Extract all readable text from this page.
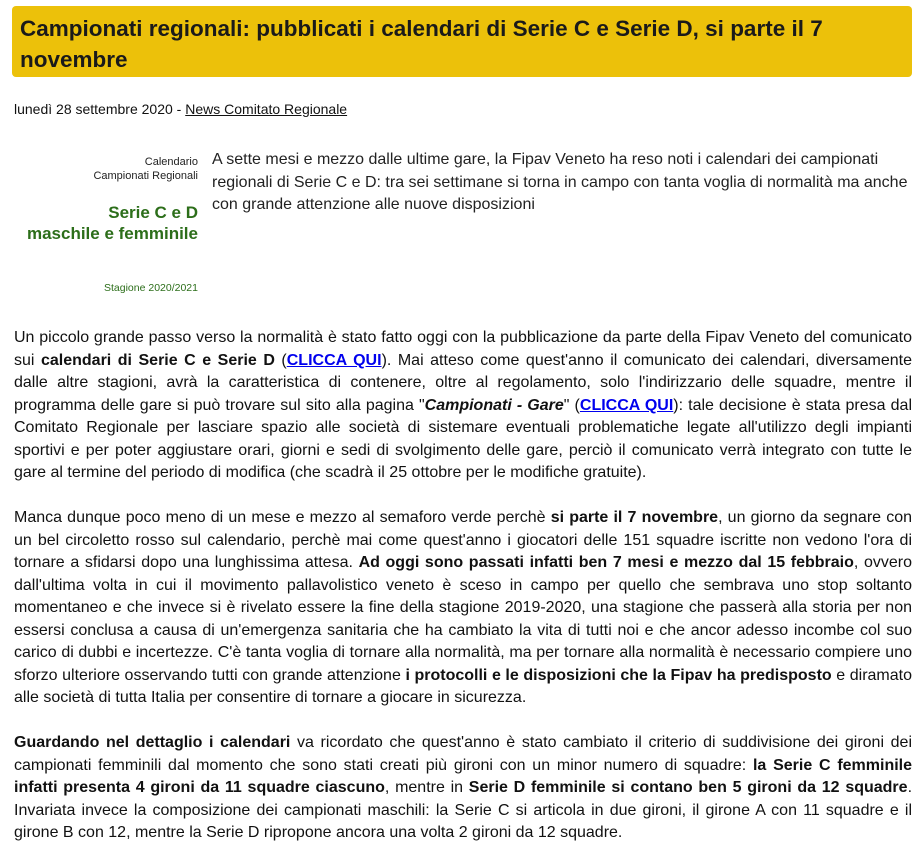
Campionati regionali: pubblicati i calendari di Serie C e Serie D, si parte il 7 novembre
lunedì 28 settembre 2020 - News Comitato Regionale
Calendario
Campionati Regionali
Serie C e D
maschile e femminile
Stagione 2020/2021
A sette mesi e mezzo dalle ultime gare, la Fipav Veneto ha reso noti i calendari dei campionati regionali di Serie C e D: tra sei settimane si torna in campo con tanta voglia di normalità ma anche con grande attenzione alle nuove disposizioni

Un piccolo grande passo verso la normalità è stato fatto oggi con la pubblicazione da parte della Fipav Veneto del comunicato sui calendari di Serie C e Serie D (CLICCA QUI). Mai atteso come quest'anno il comunicato dei calendari, diversamente dalle altre stagioni, avrà la caratteristica di contenere, oltre al regolamento, solo l'indirizzario delle squadre, mentre il programma delle gare si può trovare sul sito alla pagina "Campionati - Gare" (CLICCA QUI): tale decisione è stata presa dal Comitato Regionale per lasciare spazio alle società di sistemare eventuali problematiche legate all'utilizzo degli impianti sportivi e per poter aggiustare orari, giorni e sedi di svolgimento delle gare, perciò il comunicato verrà integrato con tutte le gare al termine del periodo di modifica (che scadrà il 25 ottobre per le modifiche gratuite).

Manca dunque poco meno di un mese e mezzo al semaforo verde perchè si parte il 7 novembre, un giorno da segnare con un bel circoletto rosso sul calendario, perchè mai come quest'anno i giocatori delle 151 squadre iscritte non vedono l'ora di tornare a sfidarsi dopo una lunghissima attesa. Ad oggi sono passati infatti ben 7 mesi e mezzo dal 15 febbraio, ovvero dall'ultima volta in cui il movimento pallavolistico veneto è sceso in campo per quello che sembrava uno stop soltanto momentaneo e che invece si è rivelato essere la fine della stagione 2019-2020, una stagione che passerà alla storia per non essersi conclusa a causa di un'emergenza sanitaria che ha cambiato la vita di tutti noi e che ancor adesso incombe col suo carico di dubbi e incertezze. C'è tanta voglia di tornare alla normalità, ma per tornare alla normalità è necessario compiere uno sforzo ulteriore osservando tutti con grande attenzione i protocolli e le disposizioni che la Fipav ha predisposto e diramato alle società di tutta Italia per consentire di tornare a giocare in sicurezza.

Guardando nel dettaglio i calendari va ricordato che quest'anno è stato cambiato il criterio di suddivisione dei gironi dei campionati femminili dal momento che sono stati creati più gironi con un minor numero di squadre: la Serie C femminile infatti presenta 4 gironi da 11 squadre ciascuno, mentre in Serie D femminile si contano ben 5 gironi da 12 squadre. Invariata invece la composizione dei campionati maschili: la Serie C si articola in due gironi, il girone A con 11 squadre e il girone B con 12, mentre la Serie D ripropone ancora una volta 2 gironi da 12 squadre.
